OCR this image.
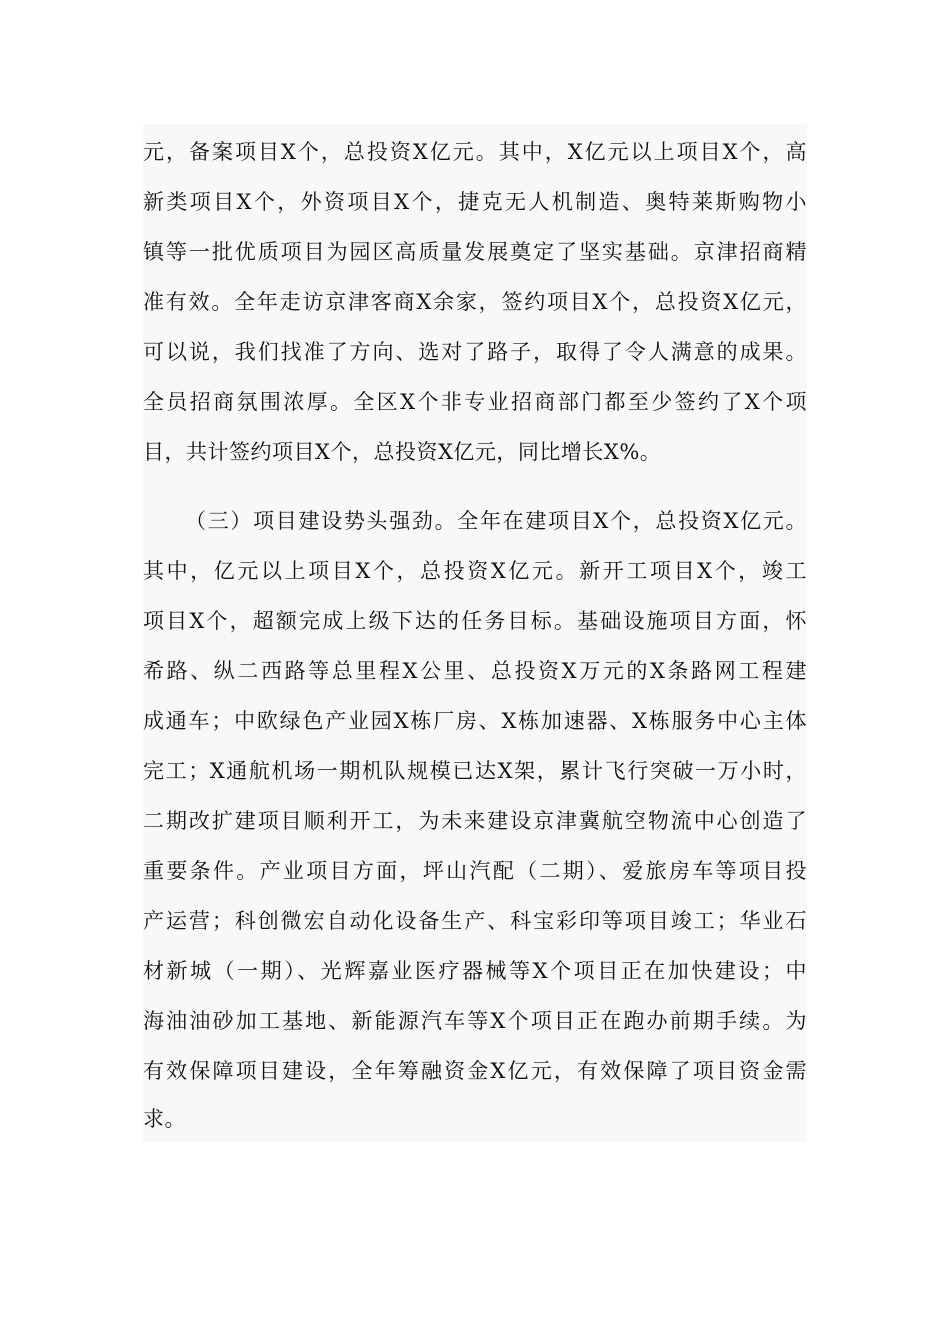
元，备案项目X个，总投资X亿元。其中，X亿元以上项目X个，高
新类项目X个，外资项目X个，捷克无人机制造、奥特莱斯购物小
镇等一批优质项目为园区高质量发展奠定了坚实基础。京津招商精
准有效。全年走访京津客商X余家，签约项目X个，总投资X亿元，
可以说，我们找准了方向、选对了路子，取得了令人满意的成果。
全员招商氛围浓厚。全区X个非专业招商部门都至少签约了X个项
目，共计签约项目X个，总投资X亿元，同比增长X%。
（三）项目建设势头强劲。全年在建项目X个，总投资X亿元。
其中，亿元以上项目X个，总投资X亿元。新开工项目X个，竣工
项目X个，超额完成上级下达的任务目标。基础设施项目方面，怀
希路、纵二西路等总里程X公里、总投资X万元的X条路网工程建
成通车；中欧绿色产业园X栋厂房、X栋加速器、X栋服务中心主体
完工；X通航机场一期机队规模已达X架，累计飞行突破一万小时，
二期改扩建项目顺利开工，为未来建设京津冀航空物流中心创造了
重要条件。产业项目方面，坪山汽配（二期）、爱旅房车等项目投
产运营；科创微宏自动化设备生产、科宝彩印等项目竣工；华业石
材新城（一期）、光辉嘉业医疗器械等X个项目正在加快建设；中
海油油砂加工基地、新能源汽车等X个项目正在跑办前期手续。为
有效保障项目建设，全年筹融资金X亿元，有效保障了项目资金需
求。
